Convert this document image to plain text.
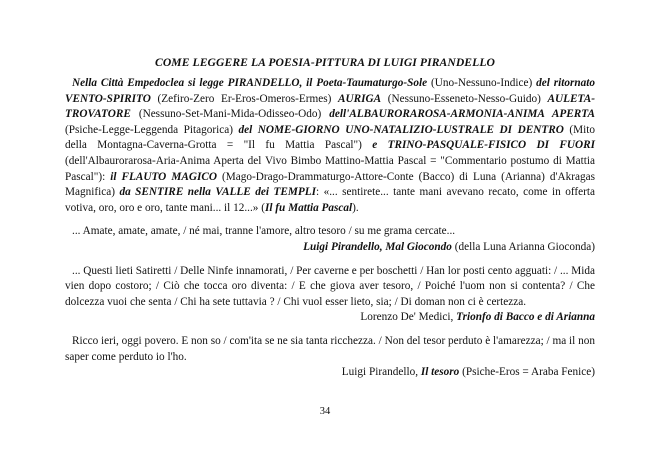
COME LEGGERE LA POESIA-PITTURA DI LUIGI PIRANDELLO

Nella Città Empedoclea si legge PIRANDELLO, il Poeta-Taumaturgo-Sole (Uno-Nessuno-Indice) del ritornato VENTO-SPIRITO (Zefiro-Zero Er-Eros-Omeros-Ermes) AURIGA (Nessuno-Esseneto-Nesso-Guido) AULETA-TROVATORE (Nessuno-Set-Mani-Mida-Odisseo-Odo) dell'ALBAURORAROSA-ARMONIA-ANIMA APERTA (Psiche-Legge-Leggenda Pitagorica) del NOME-GIORNO UNO-NATALIZIO-LUSTRALE DI DENTRO (Mito della Montagna-Caverna-Grotta = "Il fu Mattia Pascal") e TRINO-PASQUALE-FISICO DI FUORI (dell'Albaurorarosa-Aria-Anima Aperta del Vivo Bimbo Mattino-Mattia Pascal = "Commentario postumo di Mattia Pascal"): il FLAUTO MAGICO (Mago-Drago-Drammaturgo-Attore-Conte (Bacco) di Luna (Arianna) d'Akragas Magnifica) da SENTIRE nella VALLE dei TEMPLI: «... sentirete... tante mani avevano recato, come in offerta votiva, oro, oro e oro, tante mani... il 12...» (Il fu Mattia Pascal).

... Amate, amate, amate, / né mai, tranne l'amore, altro tesoro / su me grama cercate...

Luigi Pirandello, Mal Giocondo (della Luna Arianna Gioconda)

... Questi lieti Satiretti / Delle Ninfe innamorati, / Per caverne e per boschetti / Han lor posti cento agguati: / ... Mida vien dopo costoro; / Ciò che tocca oro diventa: / E che giova aver tesoro, / Poiché l'uom non si contenta? / Che dolcezza vuoi che senta / Chi ha sete tuttavia ? / Chi vuol esser lieto, sia; / Di doman non ci è certezza.

Lorenzo De' Medici, Trionfo di Bacco e di Arianna

Ricco ieri, oggi povero. E non so / com'ita se ne sia tanta ricchezza. / Non del tesor perduto è l'amarezza; / ma il non saper come perduto io l'ho.

Luigi Pirandello, Il tesoro (Psiche-Eros = Araba Fenice)

34
